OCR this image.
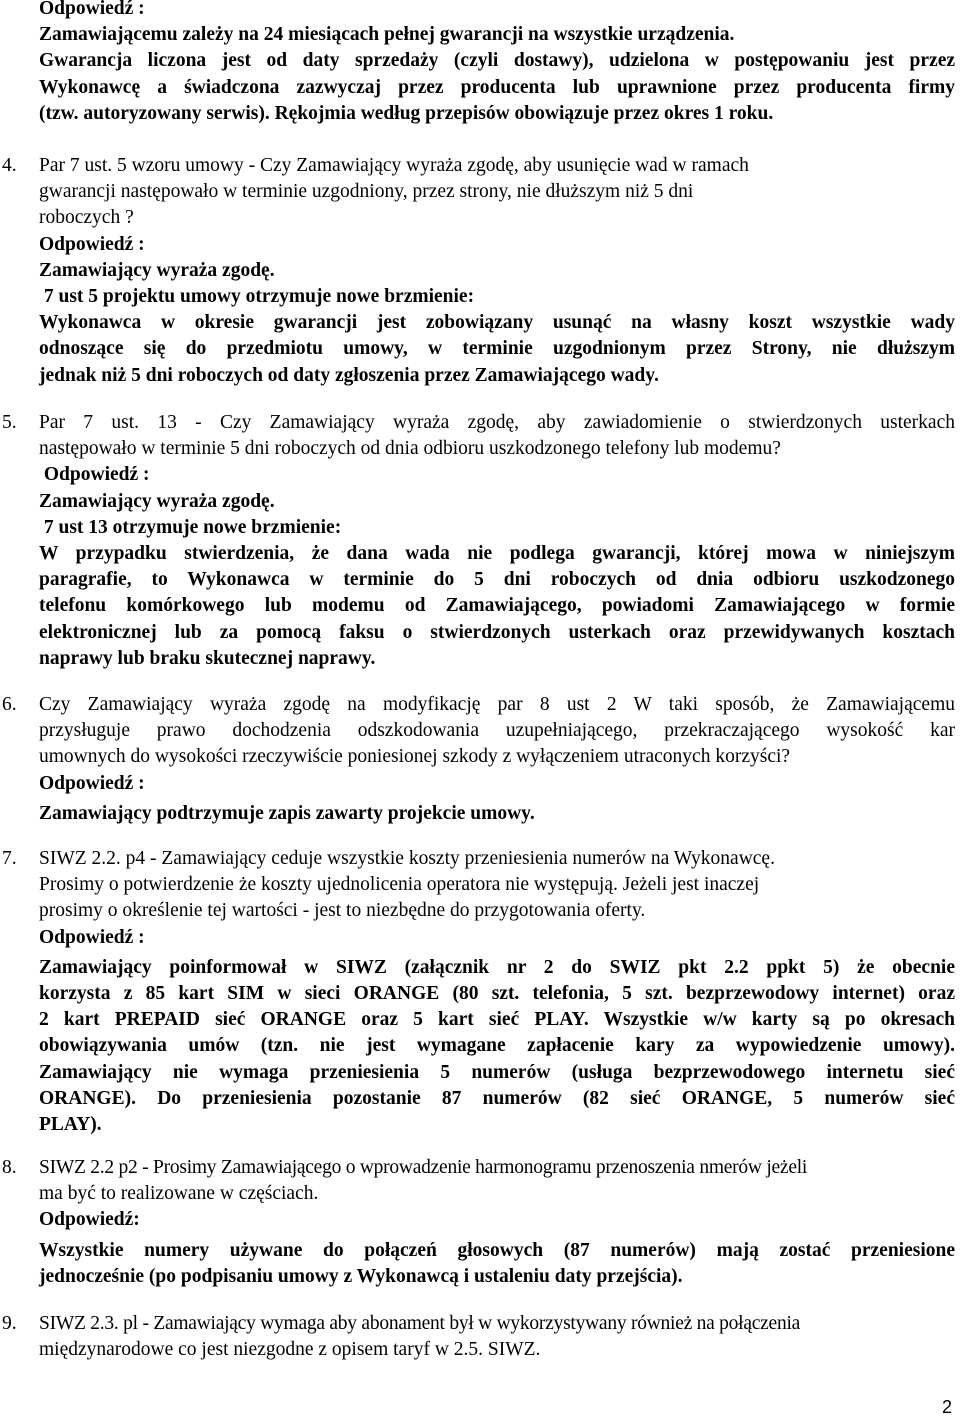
Odpowiedź :
Zamawiającemu zależy na 24 miesiącach pełnej gwarancji na wszystkie urządzenia.
Gwarancja liczona jest od daty sprzedaży (czyli dostawy), udzielona w postępowaniu jest przez
Wykonawcę a świadczona zazwyczaj przez producenta lub uprawnione przez producenta firmy
(tzw. autoryzowany serwis). Rękojmia według przepisów obowiązuje przez okres 1 roku.
4. Par 7 ust. 5 wzoru umowy - Czy Zamawiający wyraża zgodę, aby usunięcie wad w ramach
gwarancji następowało w terminie uzgodniony, przez strony, nie dłuższym niż 5 dni
roboczych ?
Odpowiedź :
Zamawiający wyraża zgodę.
7 ust 5 projektu umowy otrzymuje nowe brzmienie:
Wykonawca w okresie gwarancji jest zobowiązany usunąć na własny koszt wszystkie wady
odnoszące się do przedmiotu umowy, w terminie uzgodnionym przez Strony, nie dłuższym
jednak niż 5 dni roboczych od daty zgłoszenia przez Zamawiającego wady.
5. Par 7 ust. 13 - Czy Zamawiający wyraża zgodę, aby zawiadomienie o stwierdzonych usterkach
następowało w terminie 5 dni roboczych od dnia odbioru uszkodzonego telefony lub modemu?
Odpowiedź :
Zamawiający wyraża zgodę.
7 ust 13 otrzymuje nowe brzmienie:
W przypadku stwierdzenia, że dana wada nie podlega gwarancji, której mowa w niniejszym
paragrafie, to Wykonawca w terminie do 5 dni roboczych od dnia odbioru uszkodzonego
telefonu komórkowego lub modemu od Zamawiającego, powiadomi Zamawiającego w formie
elektronicznej lub za pomocą faksu o stwierdzonych usterkach oraz przewidywanych kosztach
naprawy lub braku skutecznej naprawy.
6. Czy Zamawiający wyraża zgodę na modyfikację par 8 ust 2 W taki sposób, że Zamawiającemu
przysługuje prawo dochodzenia odszkodowania uzupełniającego, przekraczającego wysokość kar
umownych do wysokości rzeczywiście poniesionej szkody z wyłączeniem utraconych korzyści?
Odpowiedź :
Zamawiający podtrzymuje zapis zawarty projekcie umowy.
7. SIWZ 2.2. p4 - Zamawiający ceduje wszystkie koszty przeniesienia numerów na Wykonawcę.
Prosimy o potwierdzenie że koszty ujednolicenia operatora nie występują. Jeżeli jest inaczej
prosimy o określenie tej wartości - jest to niezbędne do przygotowania oferty.
Odpowiedź :
Zamawiający poinformował w SIWZ (załącznik nr 2 do SWIZ pkt 2.2 ppkt 5) że obecnie
korzysta z 85 kart SIM w sieci ORANGE (80 szt. telefonia, 5 szt. bezprzewodowy internet) oraz
2 kart PREPAID sieć ORANGE oraz 5 kart sieć PLAY. Wszystkie w/w karty są po okresach
obowiązywania umów (tzn. nie jest wymagane zapłacenie kary za wypowiedzenie umowy).
Zamawiający nie wymaga przeniesienia 5 numerów (usługa bezprzewodowego internetu sieć
ORANGE). Do przeniesienia pozostanie 87 numerów (82 sieć ORANGE, 5 numerów sieć
PLAY).
8. SIWZ 2.2 p2 - Prosimy Zamawiającego o wprowadzenie harmonogramu przenoszenia nmerów jeżeli
ma być to realizowane w częściach.
Odpowiedź:
Wszystkie numery używane do połączeń głosowych (87 numerów) mają zostać przeniesione
jednocześnie (po podpisaniu umowy z Wykonawcą i ustaleniu daty przejścia).
9. SIWZ 2.3. pl - Zamawiający wymaga aby abonament był w wykorzystywany również na połączenia
międzynarodowe co jest niezgodne z opisem taryf w 2.5. SIWZ.
2
